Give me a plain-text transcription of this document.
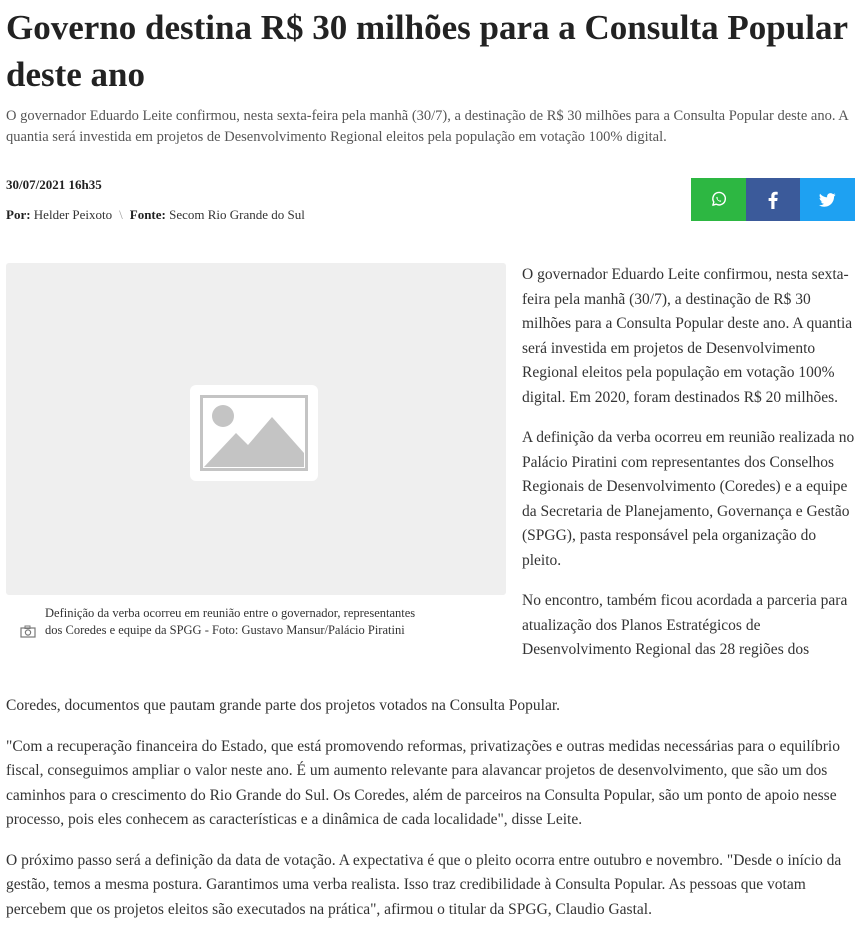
Governo destina R$ 30 milhões para a Consulta Popular deste ano

O governador Eduardo Leite confirmou, nesta sexta-feira pela manhã (30/7), a destinação de R$ 30 milhões para a Consulta Popular deste ano. A quantia será investida em projetos de Desenvolvimento Regional eleitos pela população em votação 100% digital.

30/07/2021 16h35
Por: Helder Peixoto \ Fonte: Secom Rio Grande do Sul
Definição da verba ocorreu em reunião entre o governador, representantes dos Coredes e equipe da SPGG - Foto: Gustavo Mansur/Palácio Piratini

O governador Eduardo Leite confirmou, nesta sexta-feira pela manhã (30/7), a destinação de R$ 30 milhões para a Consulta Popular deste ano. A quantia será investida em projetos de Desenvolvimento Regional eleitos pela população em votação 100% digital. Em 2020, foram destinados R$ 20 milhões.

A definição da verba ocorreu em reunião realizada no Palácio Piratini com representantes dos Conselhos Regionais de Desenvolvimento (Coredes) e a equipe da Secretaria de Planejamento, Governança e Gestão (SPGG), pasta responsável pela organização do pleito.

No encontro, também ficou acordada a parceria para atualização dos Planos Estratégicos de Desenvolvimento Regional das 28 regiões dos

Coredes, documentos que pautam grande parte dos projetos votados na Consulta Popular.

"Com a recuperação financeira do Estado, que está promovendo reformas, privatizações e outras medidas necessárias para o equilíbrio fiscal, conseguimos ampliar o valor neste ano. É um aumento relevante para alavancar projetos de desenvolvimento, que são um dos caminhos para o crescimento do Rio Grande do Sul. Os Coredes, além de parceiros na Consulta Popular, são um ponto de apoio nesse processo, pois eles conhecem as características e a dinâmica de cada localidade", disse Leite.

O próximo passo será a definição da data de votação. A expectativa é que o pleito ocorra entre outubro e novembro. "Desde o início da gestão, temos a mesma postura. Garantimos uma verba realista. Isso traz credibilidade à Consulta Popular. As pessoas que votam percebem que os projetos eleitos são executados na prática", afirmou o titular da SPGG, Claudio Gastal.
